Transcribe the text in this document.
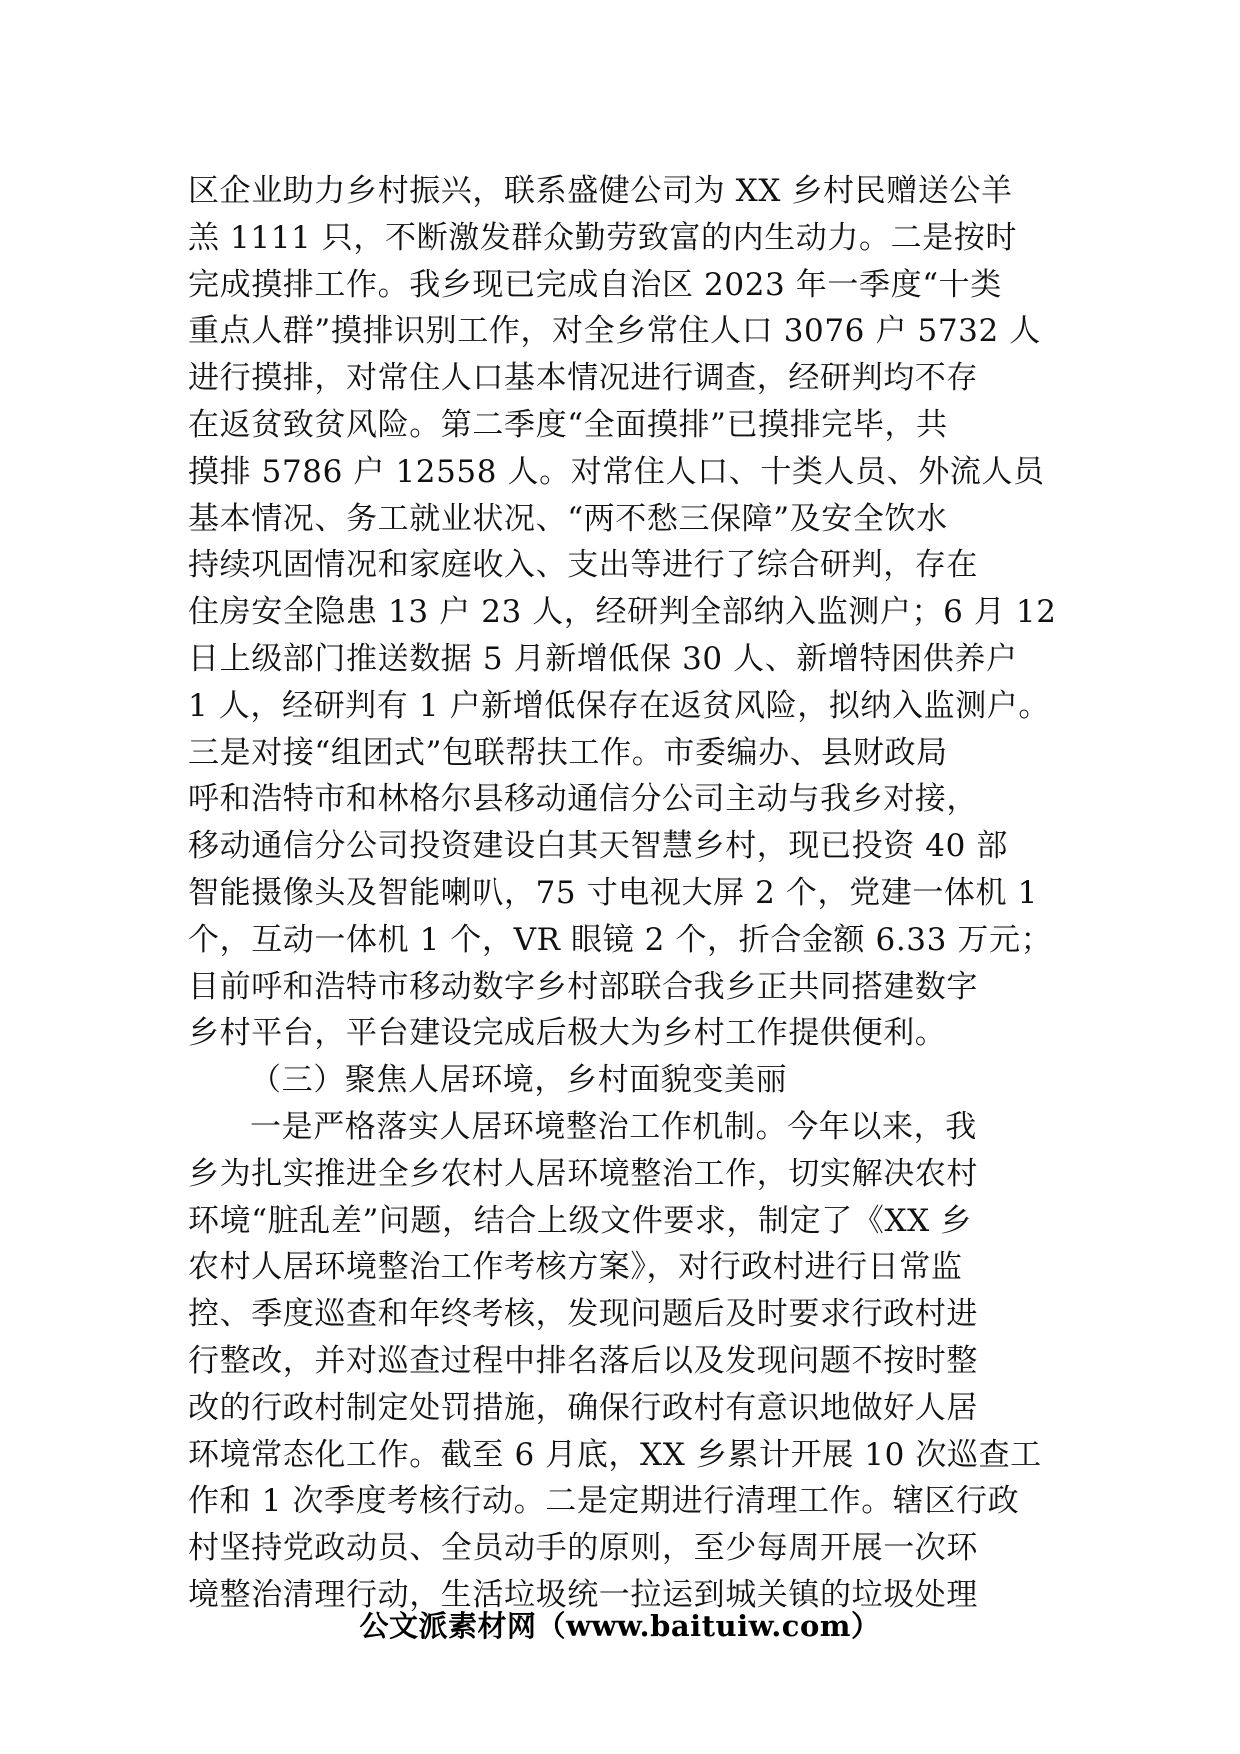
区企业助力乡村振兴，联系盛健公司为 XX 乡村民赠送公羊
羔 1111 只，不断激发群众勤劳致富的内生动力。二是按时
完成摸排工作。我乡现已完成自治区 2023 年一季度“十类
重点人群”摸排识别工作，对全乡常住人口 3076 户 5732 人
进行摸排，对常住人口基本情况进行调查，经研判均不存
在返贫致贫风险。第二季度“全面摸排”已摸排完毕，共
摸排 5786 户 12558 人。对常住人口、十类人员、外流人员
基本情况、务工就业状况、“两不愁三保障”及安全饮水
持续巩固情况和家庭收入、支出等进行了综合研判，存在
住房安全隐患 13 户 23 人，经研判全部纳入监测户；6 月 12
日上级部门推送数据 5 月新增低保 30 人、新增特困供养户
1 人，经研判有 1 户新增低保存在返贫风险，拟纳入监测户。
三是对接“组团式”包联帮扶工作。市委编办、县财政局
呼和浩特市和林格尔县移动通信分公司主动与我乡对接，
移动通信分公司投资建设白其天智慧乡村，现已投资 40 部
智能摄像头及智能喇叭，75 寸电视大屏 2 个，党建一体机 1
个，互动一体机 1 个，VR 眼镜 2 个，折合金额 6.33 万元；
目前呼和浩特市移动数字乡村部联合我乡正共同搭建数字
乡村平台，平台建设完成后极大为乡村工作提供便利。
（三）聚焦人居环境，乡村面貌变美丽
一是严格落实人居环境整治工作机制。今年以来，我
乡为扎实推进全乡农村人居环境整治工作，切实解决农村
环境“脏乱差”问题，结合上级文件要求，制定了《XX 乡
农村人居环境整治工作考核方案》，对行政村进行日常监
控、季度巡查和年终考核，发现问题后及时要求行政村进
行整改，并对巡查过程中排名落后以及发现问题不按时整
改的行政村制定处罚措施，确保行政村有意识地做好人居
环境常态化工作。截至 6 月底，XX 乡累计开展 10 次巡查工
作和 1 次季度考核行动。二是定期进行清理工作。辖区行政
村坚持党政动员、全员动手的原则，至少每周开展一次环
境整治清理行动，生活垃圾统一拉运到城关镇的垃圾处理
公文派素材网（www.baituiw.com）
